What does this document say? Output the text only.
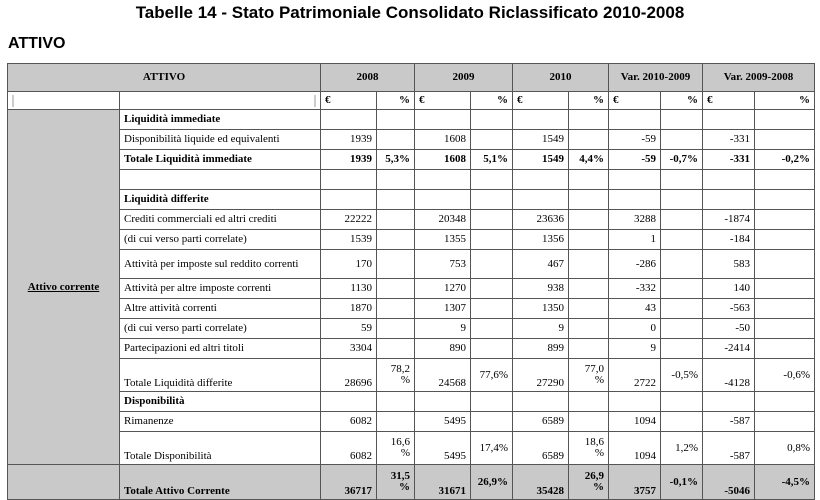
Tabelle 14 - Stato Patrimoniale Consolidato Riclassificato 2010-2008
ATTIVO
ATTIVO		2008		2009		2010		Var. 2010-2009		Var. 2009-2008	
		€	%	€	%	€	%	€	%	€	%
Attivo corrente	Liquidità immediate										
	Disponibilità liquide ed equivalenti	1939		1608		1549		-59		-331	
	Totale Liquidità immediate	1939	5,3%	1608	5,1%	1549	4,4%	-59	-0,7%	-331	-0,2%

	Liquidità differite										
	Crediti commerciali ed altri crediti	22222		20348		23636		3288		-1874	
	(di cui verso parti correlate)	1539		1355		1356		1		-184	
	Attività per imposte sul reddito correnti	170		753		467		-286		583	
	Attività per altre imposte correnti	1130		1270		938		-332		140	
	Altre attività correnti	1870		1307		1350		43		-563	
	(di cui verso parti correlate)	59		9		9		0		-50	
	Partecipazioni ed altri titoli	3304		890		899		9		-2414	
	Totale Liquidità differite	28696	78,2 %	24568	77,6%	27290	77,0 %	2722	-0,5%	-4128	-0,6%
	Disponibilità										
	Rimanenze	6082		5495		6589		1094		-587	
	Totale Disponibilità	6082	16,6 %	5495	17,4%	6589	18,6 %	1094	1,2%	-587	0,8%
	Totale Attivo Corrente	36717	31,5 %	31671	26,9%	35428	26,9 %	3757	-0,1%	-5046	-4,5%
